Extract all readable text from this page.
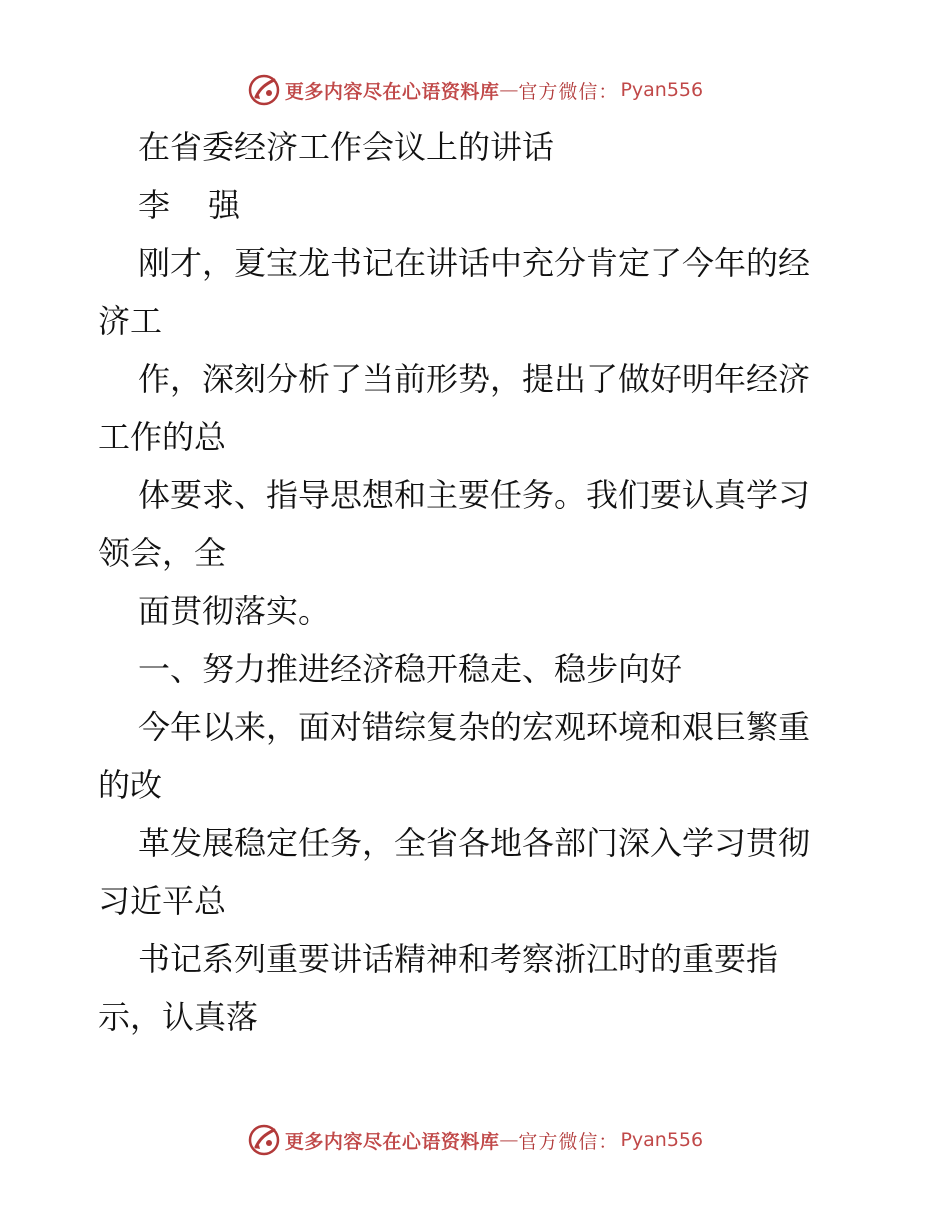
更多内容尽在心语资料库 — 官方微信： Pyan556
在省委经济工作会议上的讲话
李 强
刚才，夏宝龙书记在讲话中充分肯定了今年的经
济工
作，深刻分析了当前形势，提出了做好明年经济
工作的总
体要求、指导思想和主要任务。我们要认真学习
领会，全
面贯彻落实。
一、努力推进经济稳开稳走、稳步向好
今年以来，面对错综复杂的宏观环境和艰巨繁重
的改
革发展稳定任务，全省各地各部门深入学习贯彻
习近平总
书记系列重要讲话精神和考察浙江时的重要指
示，认真落
更多内容尽在心语资料库 — 官方微信： Pyan556
